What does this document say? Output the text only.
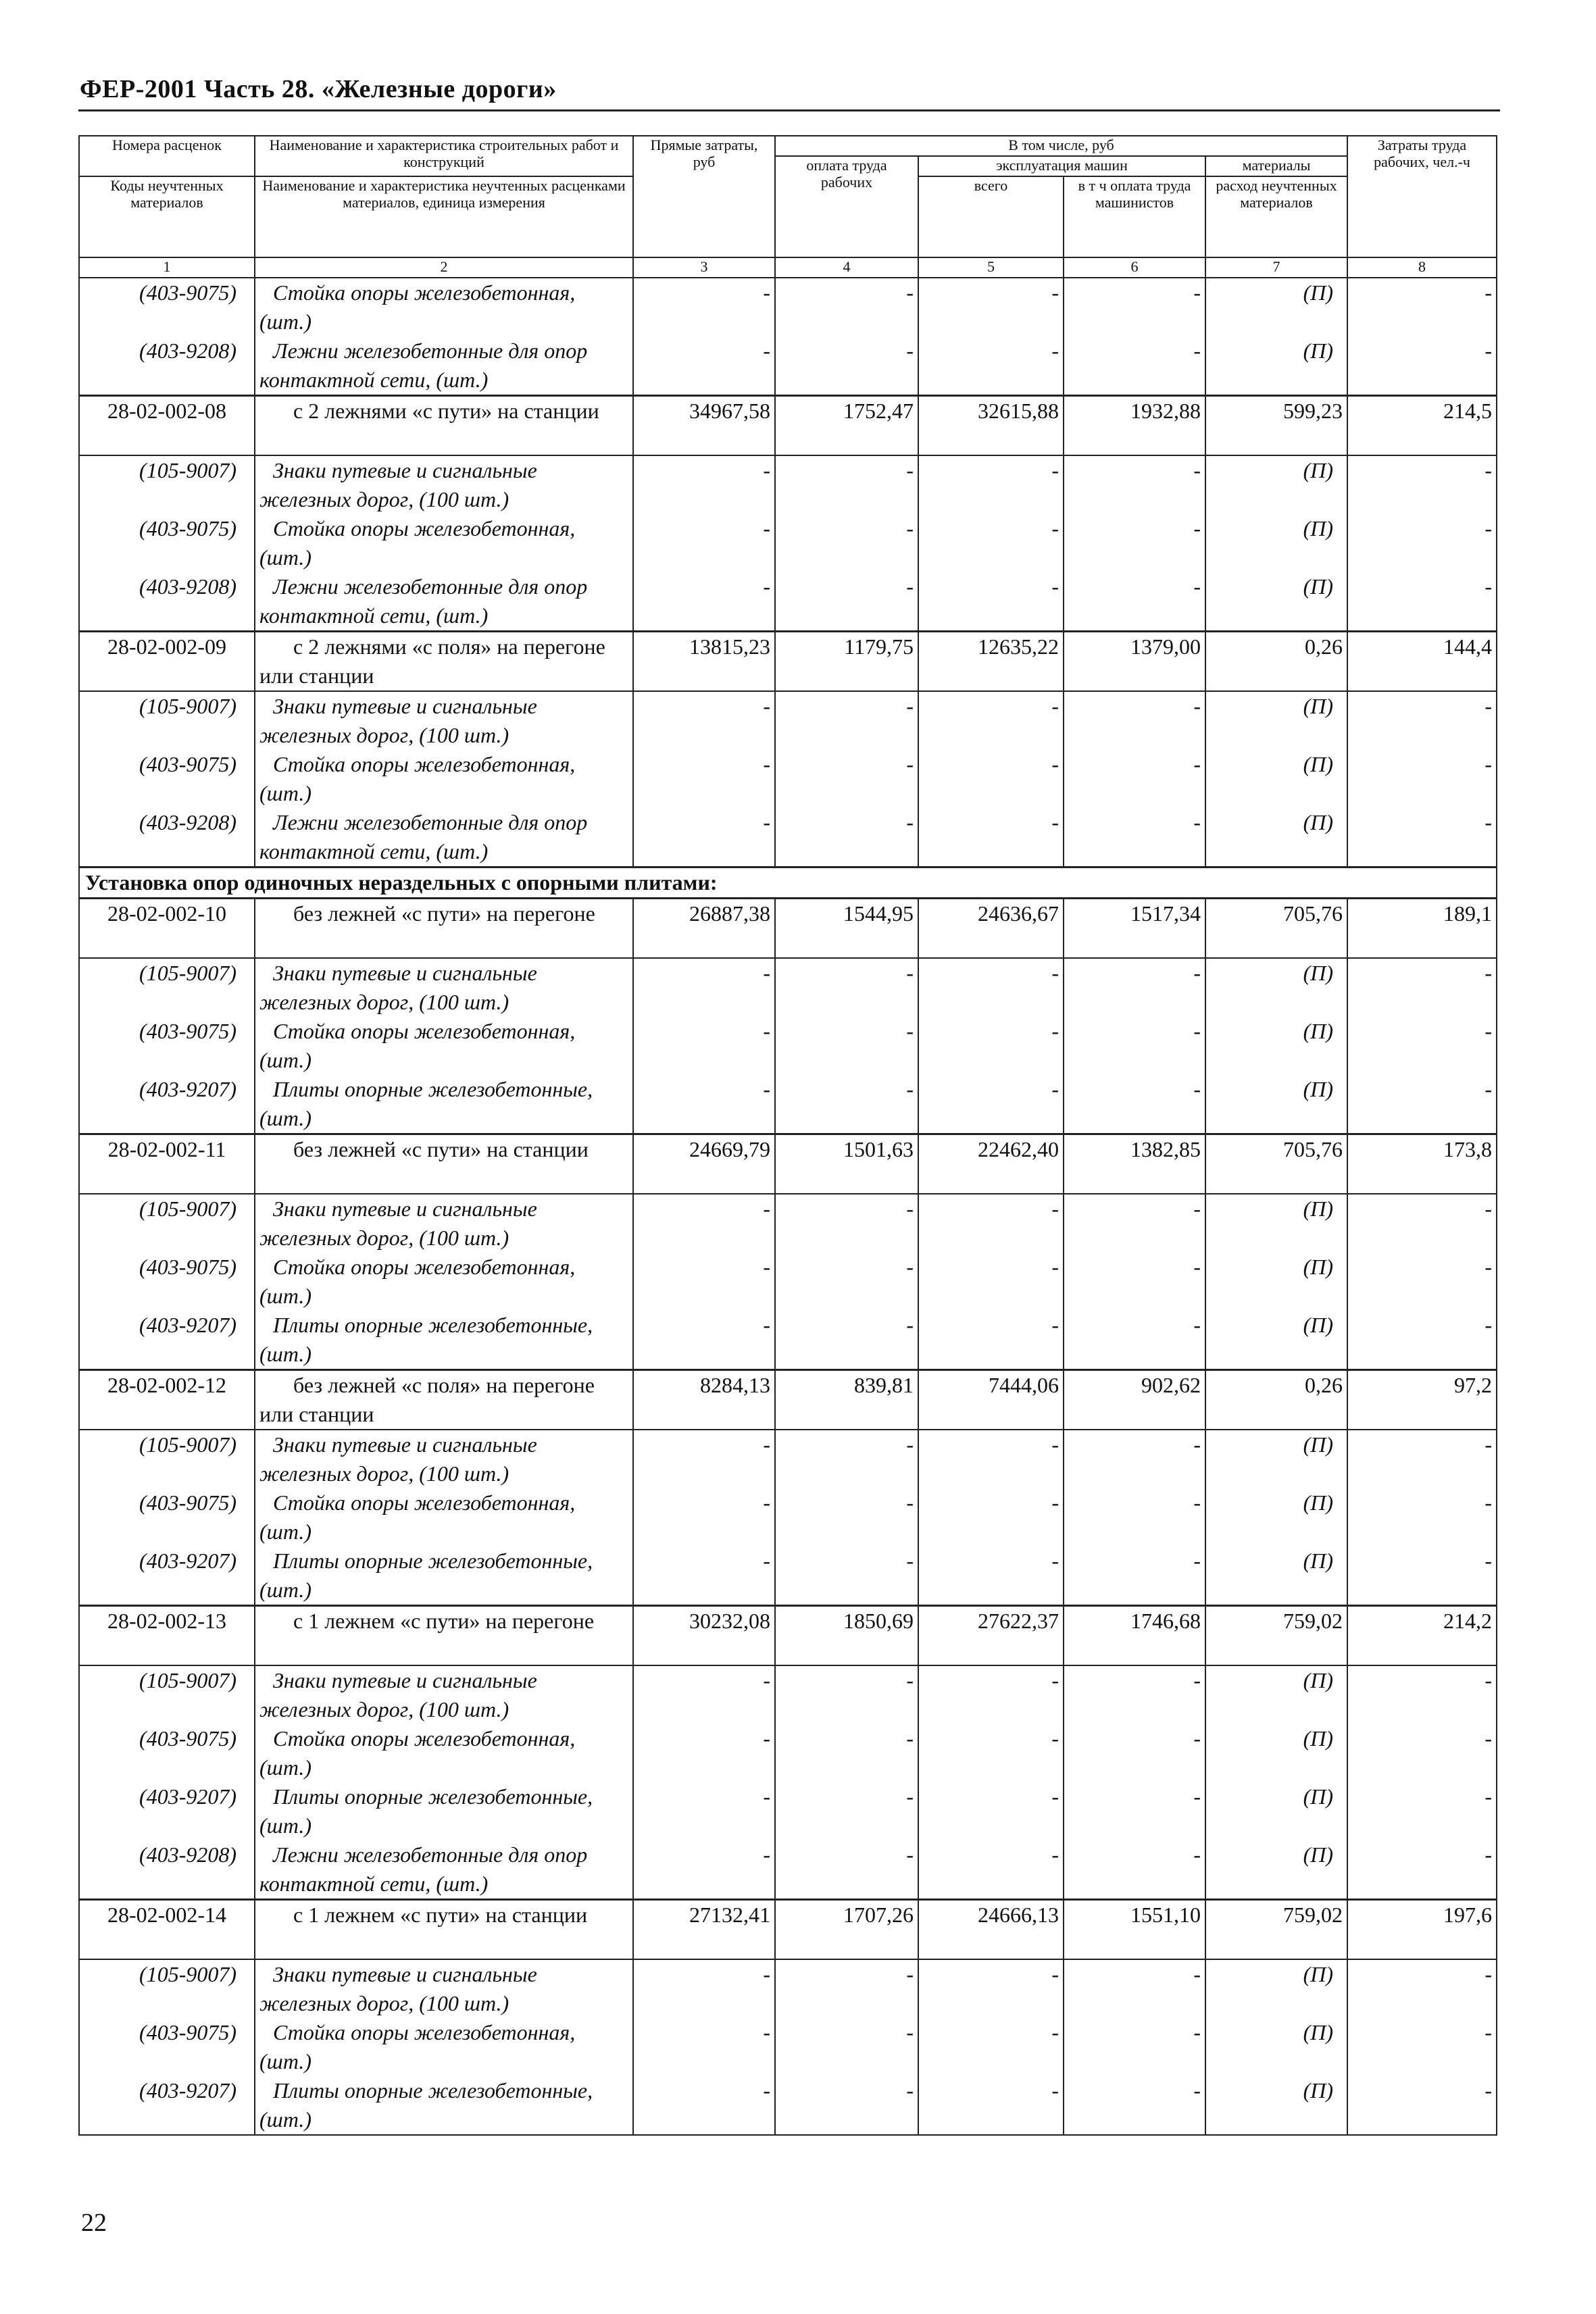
ФЕР-2001 Часть 28. «Железные дороги»
Номера расценок	Наименование и характеристика строительных работ и конструкций	Прямые затраты, руб	В том числе, руб				Затраты труда рабочих, чел.-ч
			оплата труда рабочих	эксплуатация машин		материалы	
Коды неучтенных материалов	Наименование и характеристика неучтенных расценками материалов, единица измерения			всего	в т ч оплата труда машинистов	расход неучтенных материалов	

1	2	3	4	5	6	7	8
(403-9075)	Стойка опоры железобетонная, (шт.)	-	-	-	-	(П)	-
(403-9208)	Лежни железобетонные для опор контактной сети, (шт.)	-	-	-	-	(П)	-
28-02-002-08	с 2 лежнями «с пути» на станции	34967,58	1752,47	32615,88	1932,88	599,23	214,5
(105-9007)	Знаки путевые и сигнальные железных дорог, (100 шт.)	-	-	-	-	(П)	-
(403-9075)	Стойка опоры железобетонная, (шт.)	-	-	-	-	(П)	-
(403-9208)	Лежни железобетонные для опор контактной сети, (шт.)	-	-	-	-	(П)	-
28-02-002-09	с 2 лежнями «с поля» на перегоне или станции	13815,23	1179,75	12635,22	1379,00	0,26	144,4
(105-9007)	Знаки путевые и сигнальные железных дорог, (100 шт.)	-	-	-	-	(П)	-
(403-9075)	Стойка опоры железобетонная, (шт.)	-	-	-	-	(П)	-
(403-9208)	Лежни железобетонные для опор контактной сети, (шт.)	-	-	-	-	(П)	-
Установка опор одиночных нераздельных с опорными плитами:							
28-02-002-10	без лежней «с пути» на перегоне	26887,38	1544,95	24636,67	1517,34	705,76	189,1
(105-9007)	Знаки путевые и сигнальные железных дорог, (100 шт.)	-	-	-	-	(П)	-
(403-9075)	Стойка опоры железобетонная, (шт.)	-	-	-	-	(П)	-
(403-9207)	Плиты опорные железобетонные, (шт.)	-	-	-	-	(П)	-
28-02-002-11	без лежней «с пути» на станции	24669,79	1501,63	22462,40	1382,85	705,76	173,8
(105-9007)	Знаки путевые и сигнальные железных дорог, (100 шт.)	-	-	-	-	(П)	-
(403-9075)	Стойка опоры железобетонная, (шт.)	-	-	-	-	(П)	-
(403-9207)	Плиты опорные железобетонные, (шт.)	-	-	-	-	(П)	-
28-02-002-12	без лежней «с поля» на перегоне или станции	8284,13	839,81	7444,06	902,62	0,26	97,2
(105-9007)	Знаки путевые и сигнальные железных дорог, (100 шт.)	-	-	-	-	(П)	-
(403-9075)	Стойка опоры железобетонная, (шт.)	-	-	-	-	(П)	-
(403-9207)	Плиты опорные железобетонные, (шт.)	-	-	-	-	(П)	-
28-02-002-13	с 1 лежнем «с пути» на перегоне	30232,08	1850,69	27622,37	1746,68	759,02	214,2
(105-9007)	Знаки путевые и сигнальные железных дорог, (100 шт.)	-	-	-	-	(П)	-
(403-9075)	Стойка опоры железобетонная, (шт.)	-	-	-	-	(П)	-
(403-9207)	Плиты опорные железобетонные, (шт.)	-	-	-	-	(П)	-
(403-9208)	Лежни железобетонные для опор контактной сети, (шт.)	-	-	-	-	(П)	-
28-02-002-14	с 1 лежнем «с пути» на станции	27132,41	1707,26	24666,13	1551,10	759,02	197,6
(105-9007)	Знаки путевые и сигнальные железных дорог, (100 шт.)	-	-	-	-	(П)	-
(403-9075)	Стойка опоры железобетонная, (шт.)	-	-	-	-	(П)	-
(403-9207)	Плиты опорные железобетонные, (шт.)	-	-	-	-	(П)	-
22
